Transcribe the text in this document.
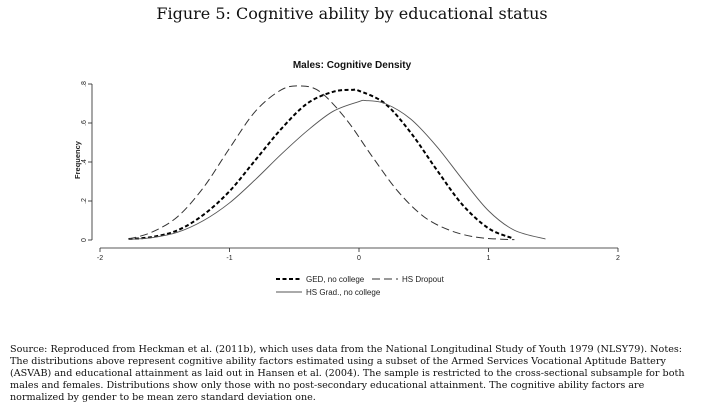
Figure 5: Cognitive ability by educational status
Males: Cognitive Density
Frequency
-2	-1	0	1	2
0
.2
.4
.6
.8
GED, no college	HS Dropout
HS Grad., no college
Source: Reproduced from Heckman et al. (2011b), which uses data from the National Longitudinal Study of Youth 1979 (NLSY79). Notes: The distributions above represent cognitive ability factors estimated using a subset of the Armed Services Vocational Aptitude Battery (ASVAB) and educational attainment as laid out in Hansen et al. (2004). The sample is restricted to the cross-sectional subsample for both males and females. Distributions show only those with no post-secondary educational attainment. The cognitive ability factors are normalized by gender to be mean zero standard deviation one.
